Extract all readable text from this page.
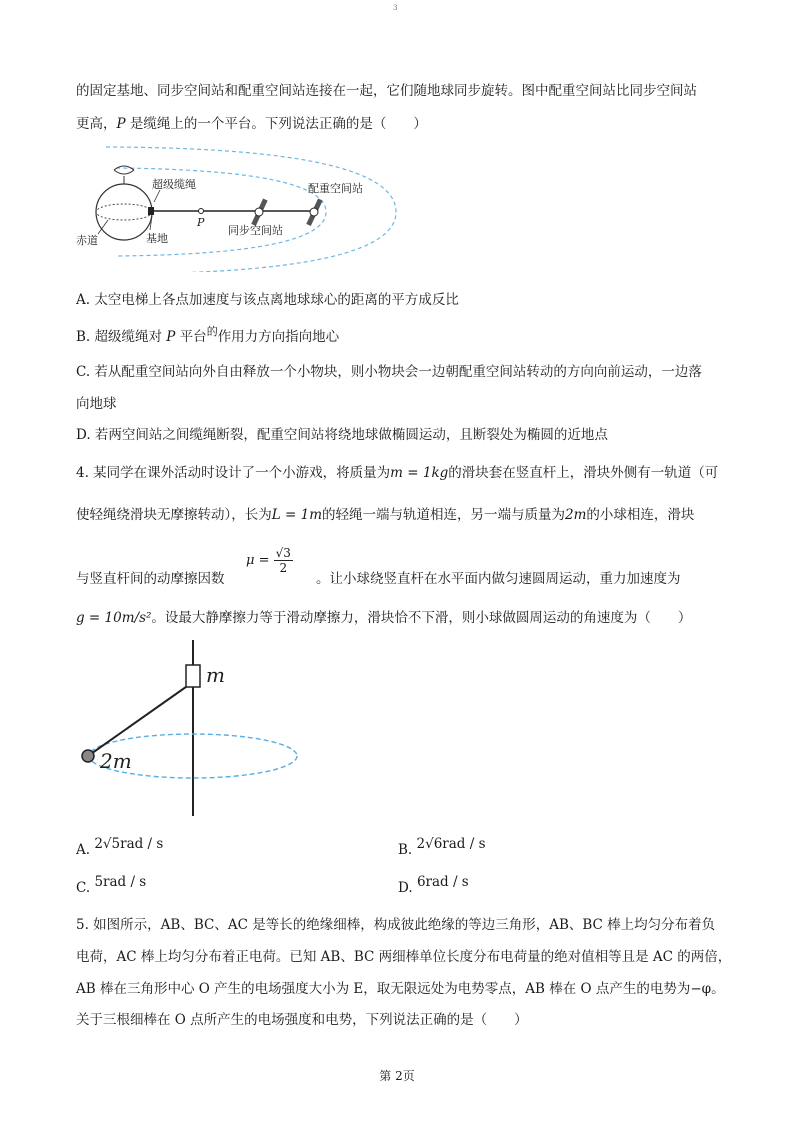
3
的固定基地、同步空间站和配重空间站连接在一起，它们随地球同步旋转。图中配重空间站比同步空间站
更高，P 是缆绳上的一个平台。下列说法正确的是（　　）
超级缆绳	配重空间站
P
赤道	基地
同步空间站
A. 太空电梯上各点加速度与该点离地球球心的距离的平方成反比
B. 超级缆绳对 P 平台$^的$作用力方向指向地心
C. 若从配重空间站向外自由释放一个小物块，则小物块会一边朝配重空间站转动的方向向前运动，一边落
向地球
D. 若两空间站之间缆绳断裂，配重空间站将绕地球做椭圆运动，且断裂处为椭圆的近地点
4. 某同学在课外活动时设计了一个小游戏，将质量为m = 1kg的滑块套在竖直杆上，滑块外侧有一轨道（可
使轻绳绕滑块无摩擦转动），长为L = 1m的轻绳一端与轨道相连，另一端与质量为2m的小球相连，滑块
与竖直杆间的动摩擦因数
$\mu = \frac{√3}{2}$
。让小球绕竖直杆在水平面内做匀速圆周运动，重力加速度为
g = 10m/s²。设最大静摩擦力等于滑动摩擦力，滑块恰不下滑，则小球做圆周运动的角速度为（　　）
m
2m
A. 2√5rad / s	B. 2√6rad / s
C. 5rad / s	D. 6rad / s
5. 如图所示，AB、BC、AC 是等长的绝缘细棒，构成彼此绝缘的等边三角形，AB、BC 棒上均匀分布着负
电荷，AC 棒上均匀分布着正电荷。已知 AB、BC 两细棒单位长度分布电荷量的绝对值相等且是 AC 的两倍，
AB 棒在三角形中心 O 产生的电场强度大小为 E，取无限远处为电势零点，AB 棒在 O 点产生的电势为−φ。
关于三根细棒在 O 点所产生的电场强度和电势，下列说法正确的是（　　）
第 2页
